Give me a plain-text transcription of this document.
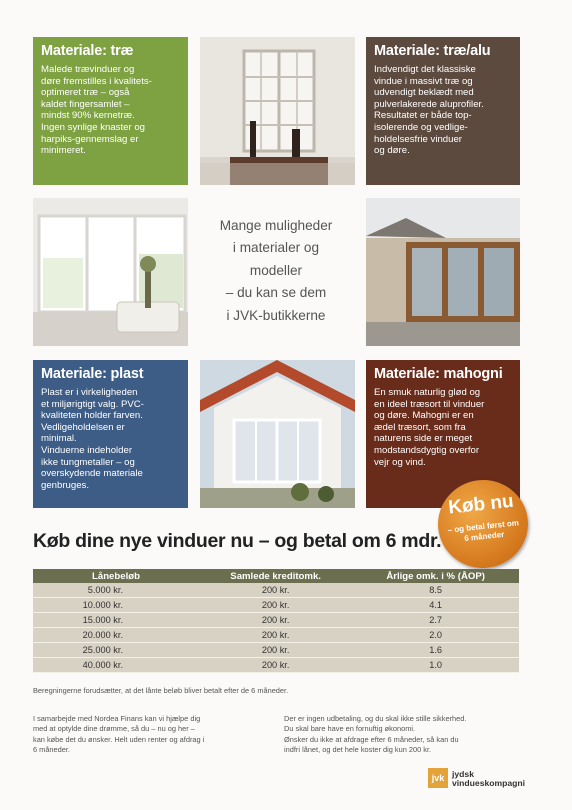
Materiale: træ

Malede trævinduer og
døre fremstilles i kvalitets-
optimeret træ – også
kaldet fingersamlet –
mindst 90% kernetræ.
Ingen synlige knaster og
harpiks-gennemslag er
minimeret.

Materiale: træ/alu

Indvendigt det klassiske
vindue i massivt træ og
udvendigt beklædt med
pulverlakerede aluprofiler.
Resultatet er både top-
isolerende og vedlige-
holdelsesfrie vinduer
og døre.

Mange muligheder
i materialer og
modeller
– du kan se dem
i JVK-butikkerne
Materiale: plast

Plast er i virkeligheden
et miljørigtigt valg. PVC-
kvaliteten holder farven.
Vedligeholdelsen er
minimal.
Vinduerne indeholder
ikke tungmetaller – og
overskydende materiale
genbruges.

Materiale: mahogni

En smuk naturlig glød og
en ideel træsort til vinduer
og døre. Mahogni er en
ædel træsort, som fra
naturens side er meget
modstandsdygtig overfor
vejr og vind.

Køb dine nye vinduer nu – og betal om 6 mdr.
Køb nu
– og betal først om 6 måneder
Lånebeløb	Samlede kreditomk.	Årlige omk. i % (ÅOP)
5.000 kr.	200 kr.	8.5
10.000 kr.	200 kr.	4.1
15.000 kr.	200 kr.	2.7
20.000 kr.	200 kr.	2.0
25.000 kr.	200 kr.	1.6
40.000 kr.	200 kr.	1.0
Beregningerne forudsætter, at det lånte beløb bliver betalt efter de 6 måneder.
I samarbejde med Nordea Finans kan vi hjælpe dig
med at optylde dine drømme, så du – nu og her –
kan købe det du ønsker. Helt uden renter og afdrag i
6 måneder.
Der er ingen udbetaling, og du skal ikke stille sikkerhed.
Du skal bare have en fornuftig økonomi.
Ønsker du ikke at afdrage efter 6 måneder, så kan du
indfri lånet, og det hele koster dig kun 200 kr.
jvk jydsk
vindueskompagni
